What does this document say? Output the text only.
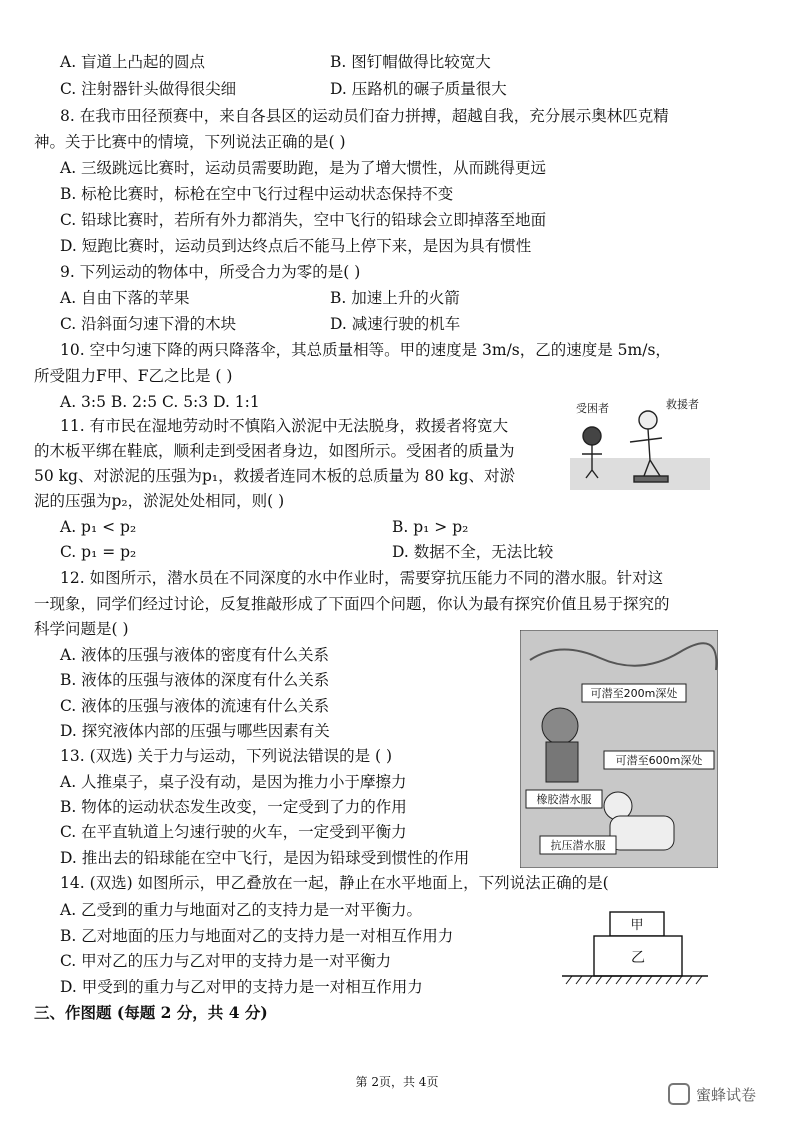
A. 盲道上凸起的圆点	B. 图钉帽做得比较宽大
C. 注射器针头做得很尖细	D. 压路机的碾子质量很大
8. 在我市田径预赛中，来自各县区的运动员们奋力拼搏，超越自我，充分展示奥林匹克精
神。关于比赛中的情境，下列说法正确的是( )
A. 三级跳远比赛时，运动员需要助跑，是为了增大惯性，从而跳得更远
B. 标枪比赛时，标枪在空中飞行过程中运动状态保持不变
C. 铅球比赛时，若所有外力都消失，空中飞行的铅球会立即掉落至地面
D. 短跑比赛时，运动员到达终点后不能马上停下来，是因为具有惯性
9. 下列运动的物体中，所受合力为零的是( )
A. 自由下落的苹果	B. 加速上升的火箭
C. 沿斜面匀速下滑的木块	D. 减速行驶的机车
10. 空中匀速下降的两只降落伞，其总质量相等。甲的速度是 3m/s，乙的速度是 5m/s，
所受阻力F甲、F乙之比是 ( )
A. 3:5 B. 2:5 C. 5:3 D. 1:1
11. 有市民在湿地劳动时不慎陷入淤泥中无法脱身，救援者将宽大
的木板平绑在鞋底，顺利走到受困者身边，如图所示。受困者的质量为
50 kg、对淤泥的压强为p₁，救援者连同木板的总质量为 80 kg、对淤
泥的压强为p₂，淤泥处处相同，则( )
A. p₁ < p₂	B. p₁ > p₂
C. p₁ = p₂	D. 数据不全，无法比较
受困者	救援者
12. 如图所示，潜水员在不同深度的水中作业时，需要穿抗压能力不同的潜水服。针对这
一现象，同学们经过讨论，反复推敲形成了下面四个问题，你认为最有探究价值且易于探究的
科学问题是( )
A. 液体的压强与液体的密度有什么关系
B. 液体的压强与液体的深度有什么关系
C. 液体的压强与液体的流速有什么关系
D. 探究液体内部的压强与哪些因素有关
可潜至200m深处
可潜至600m深处
橡胶潜水服
抗压潜水服
13. (双选) 关于力与运动，下列说法错误的是 ( )
A. 人推桌子，桌子没有动，是因为推力小于摩擦力
B. 物体的运动状态发生改变，一定受到了力的作用
C. 在平直轨道上匀速行驶的火车，一定受到平衡力
D. 推出去的铅球能在空中飞行，是因为铅球受到惯性的作用
14. (双选) 如图所示，甲乙叠放在一起，静止在水平地面上，下列说法正确的是(
A. 乙受到的重力与地面对乙的支持力是一对平衡力。
B. 乙对地面的压力与地面对乙的支持力是一对相互作用力
C. 甲对乙的压力与乙对甲的支持力是一对平衡力
D. 甲受到的重力与乙对甲的支持力是一对相互作用力
甲
乙
三、作图题 (每题 2 分，共 4 分)
第 2页，共 4页
蜜蜂试卷
